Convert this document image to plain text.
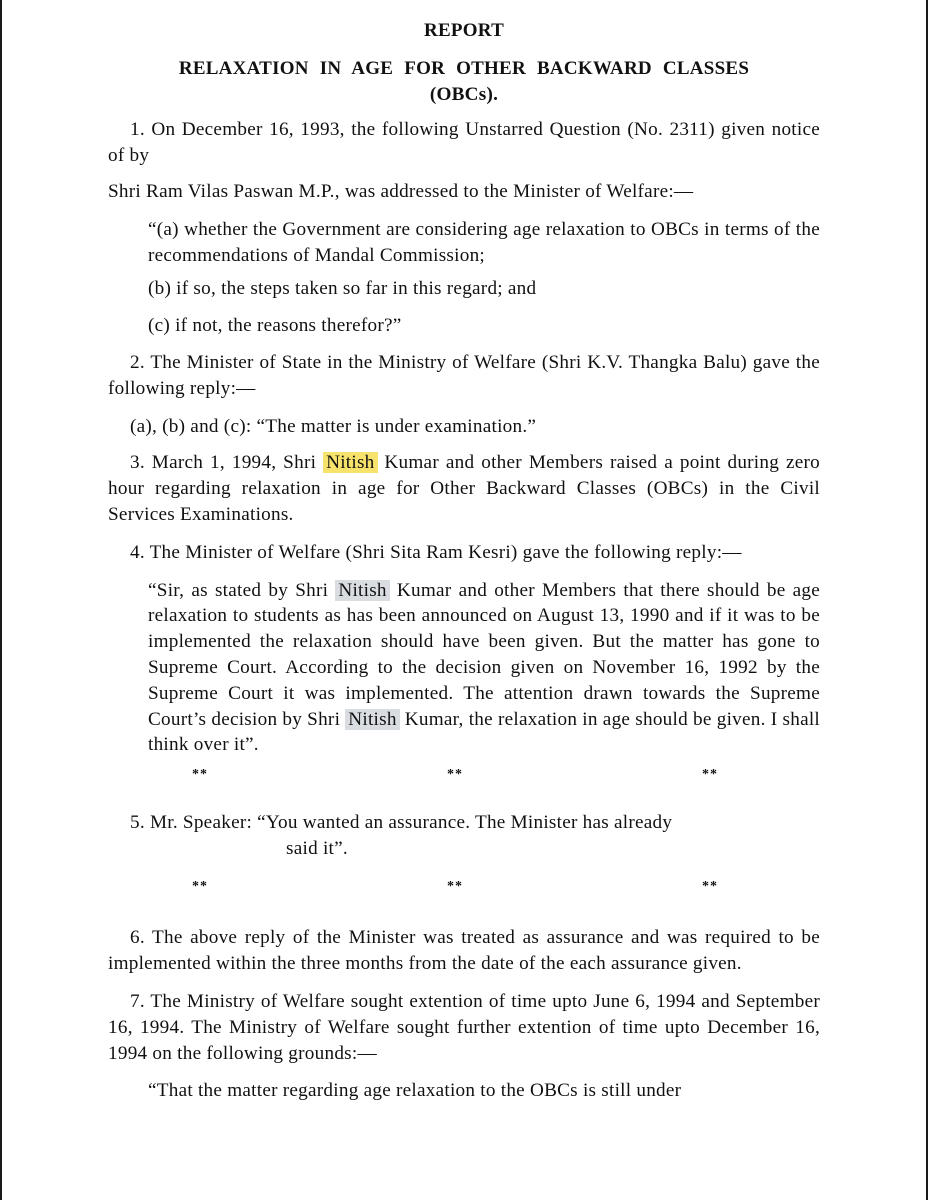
REPORT

RELAXATION IN AGE FOR OTHER BACKWARD CLASSES

(OBCs).

1. On December 16, 1993, the following Unstarred Question (No. 2311) given notice of by

Shri Ram Vilas Paswan M.P., was addressed to the Minister of Welfare:—

“(a) whether the Government are considering age relaxation to OBCs in terms of the recommendations of Mandal Commission;

(b) if so, the steps taken so far in this regard; and

(c) if not, the reasons therefor?”

2. The Minister of State in the Ministry of Welfare (Shri K.V. Thangka Balu) gave the following reply:—

(a), (b) and (c): “The matter is under examination.”

3. March 1, 1994, Shri Nitish Kumar and other Members raised a point during zero hour regarding relaxation in age for Other Backward Classes (OBCs) in the Civil Services Examinations.

4. The Minister of Welfare (Shri Sita Ram Kesri) gave the following reply:—

“Sir, as stated by Shri Nitish Kumar and other Members that there should be age relaxation to students as has been announced on August 13, 1990 and if it was to be implemented the relaxation should have been given. But the matter has gone to Supreme Court. According to the decision given on November 16, 1992 by the Supreme Court it was implemented. The attention drawn towards the Supreme Court’s decision by Shri Nitish Kumar, the relaxation in age should be given. I shall think over it”.

**	**	**

5. Mr. Speaker: “You wanted an assurance. The Minister has already

said it”.

**	**	**

6. The above reply of the Minister was treated as assurance and was required to be implemented within the three months from the date of the each assurance given.

7. The Ministry of Welfare sought extention of time upto June 6, 1994 and September 16, 1994. The Ministry of Welfare sought further extention of time upto December 16, 1994 on the following grounds:—

“That the matter regarding age relaxation to the OBCs is still under
